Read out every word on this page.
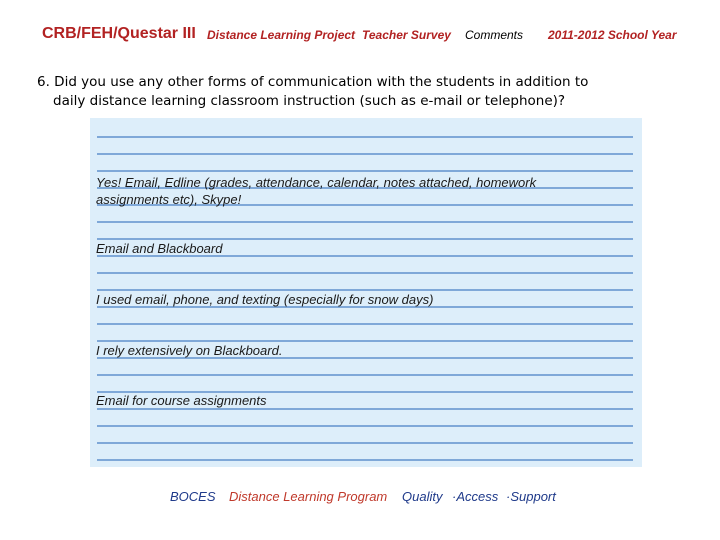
CRB/FEH/Questar III Distance Learning Project Teacher Survey Comments 2011-2012 School Year
6. Did you use any other forms of communication with the students in addition to
daily distance learning classroom instruction (such as e-mail or telephone)?
Yes! Email, Edline (grades, attendance, calendar, notes attached, homework
assignments etc), Skype!
Email and Blackboard
I used email, phone, and texting (especially for snow days)
I rely extensively on Blackboard.
Email for course assignments
BOCES Distance Learning Program Quality ·Access ·Support
